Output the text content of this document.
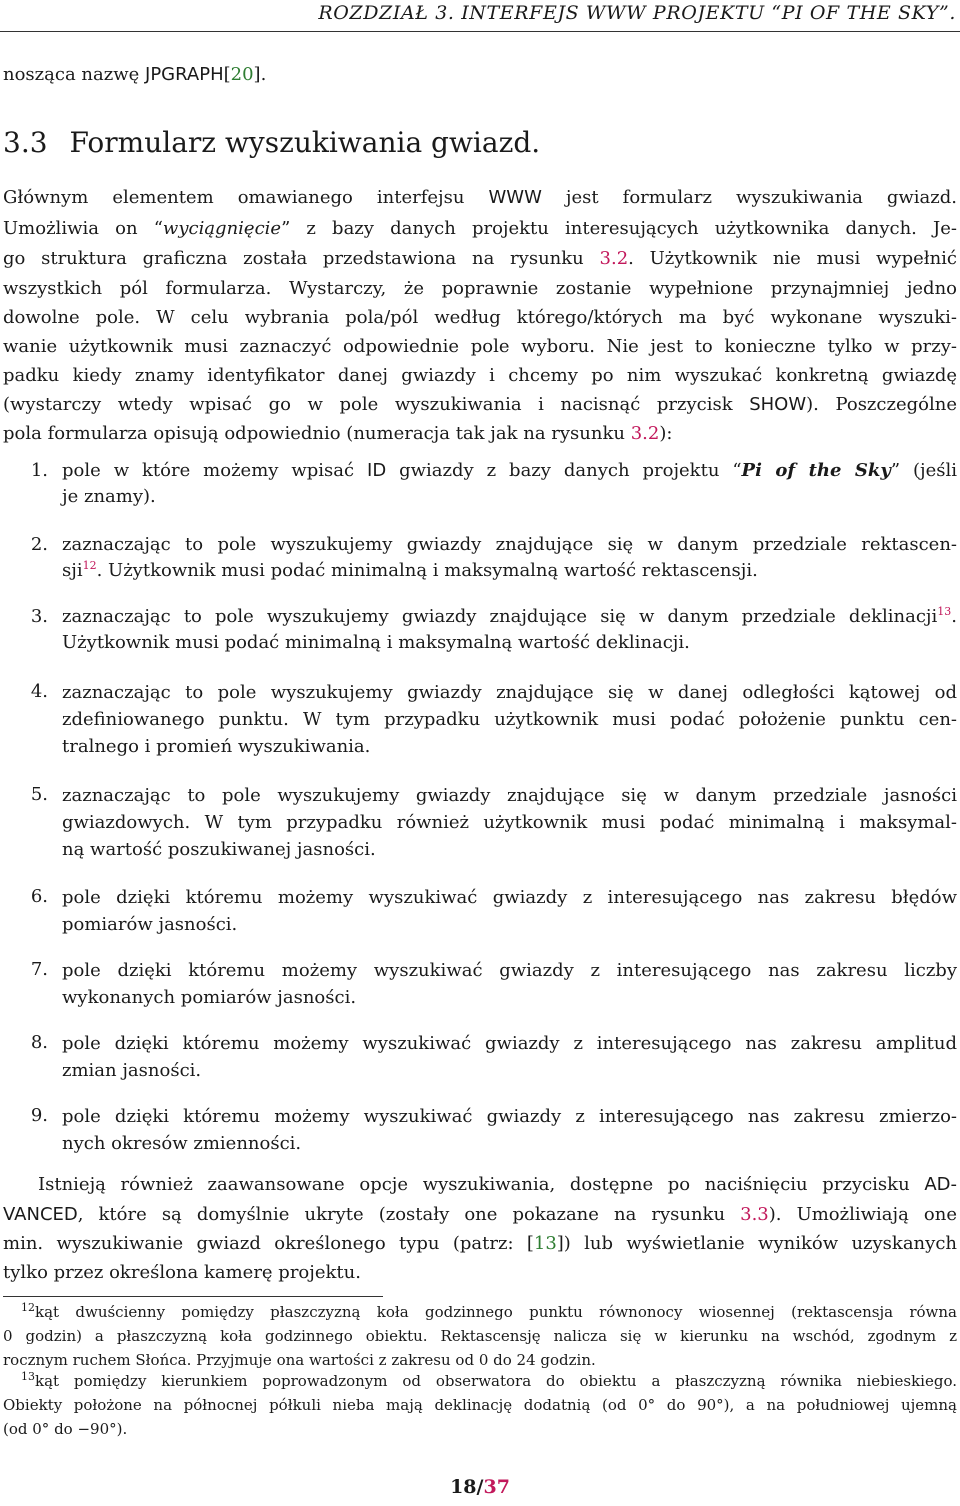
ROZDZIAŁ 3. INTERFEJS WWW PROJEKTU “PI OF THE SKY”.
nosząca nazwę JPGRAPH[20].
3.3 Formularz wyszukiwania gwiazd.
Głównym elementem omawianego interfejsu WWW jest formularz wyszukiwania gwiazd.
Umożliwia on “wyciągnięcie” z bazy danych projektu interesujących użytkownika danych. Je-
go struktura graficzna została przedstawiona na rysunku 3.2. Użytkownik nie musi wypełnić
wszystkich pól formularza. Wystarczy, że poprawnie zostanie wypełnione przynajmniej jedno
dowolne pole. W celu wybrania pola/pól według którego/których ma być wykonane wyszuki-
wanie użytkownik musi zaznaczyć odpowiednie pole wyboru. Nie jest to konieczne tylko w przy-
padku kiedy znamy identyfikator danej gwiazdy i chcemy po nim wyszukać konkretną gwiazdę
(wystarczy wtedy wpisać go w pole wyszukiwania i nacisnąć przycisk SHOW). Poszczególne
pola formularza opisują odpowiednio (numeracja tak jak na rysunku 3.2):
1. pole w które możemy wpisać ID gwiazdy z bazy danych projektu “Pi of the Sky” (jeśli
je znamy).
2. zaznaczając to pole wyszukujemy gwiazdy znajdujące się w danym przedziale rektascen-
sji$^{12}$. Użytkownik musi podać minimalną i maksymalną wartość rektascensji.
3. zaznaczając to pole wyszukujemy gwiazdy znajdujące się w danym przedziale deklinacji$^{13}$.
Użytkownik musi podać minimalną i maksymalną wartość deklinacji.
4. zaznaczając to pole wyszukujemy gwiazdy znajdujące się w danej odległości kątowej od
zdefiniowanego punktu. W tym przypadku użytkownik musi podać położenie punktu cen-
tralnego i promień wyszukiwania.
5. zaznaczając to pole wyszukujemy gwiazdy znajdujące się w danym przedziale jasności
gwiazdowych. W tym przypadku również użytkownik musi podać minimalną i maksymal-
ną wartość poszukiwanej jasności.
6. pole dzięki któremu możemy wyszukiwać gwiazdy z interesującego nas zakresu błędów
pomiarów jasności.
7. pole dzięki któremu możemy wyszukiwać gwiazdy z interesującego nas zakresu liczby
wykonanych pomiarów jasności.
8. pole dzięki któremu możemy wyszukiwać gwiazdy z interesującego nas zakresu amplitud
zmian jasności.
9. pole dzięki któremu możemy wyszukiwać gwiazdy z interesującego nas zakresu zmierzo-
nych okresów zmienności.
Istnieją również zaawansowane opcje wyszukiwania, dostępne po naciśnięciu przycisku AD-
VANCED, które są domyślnie ukryte (zostały one pokazane na rysunku 3.3). Umożliwiają one
min. wyszukiwanie gwiazd określonego typu (patrz: [13]) lub wyświetlanie wyników uzyskanych
tylko przez określona kamerę projektu.
$^{12}$kąt dwuścienny pomiędzy płaszczyzną koła godzinnego punktu równonocy wiosennej (rektascensja równa
0 godzin) a płaszczyzną koła godzinnego obiektu. Rektascensję nalicza się w kierunku na wschód, zgodnym z
rocznym ruchem Słońca. Przyjmuje ona wartości z zakresu od 0 do 24 godzin.
$^{13}$kąt pomiędzy kierunkiem poprowadzonym od obserwatora do obiektu a płaszczyzną równika niebieskiego.
Obiekty położone na północnej półkuli nieba mają deklinację dodatnią (od 0° do 90°), a na południowej ujemną
(od 0° do −90°).
18/37
